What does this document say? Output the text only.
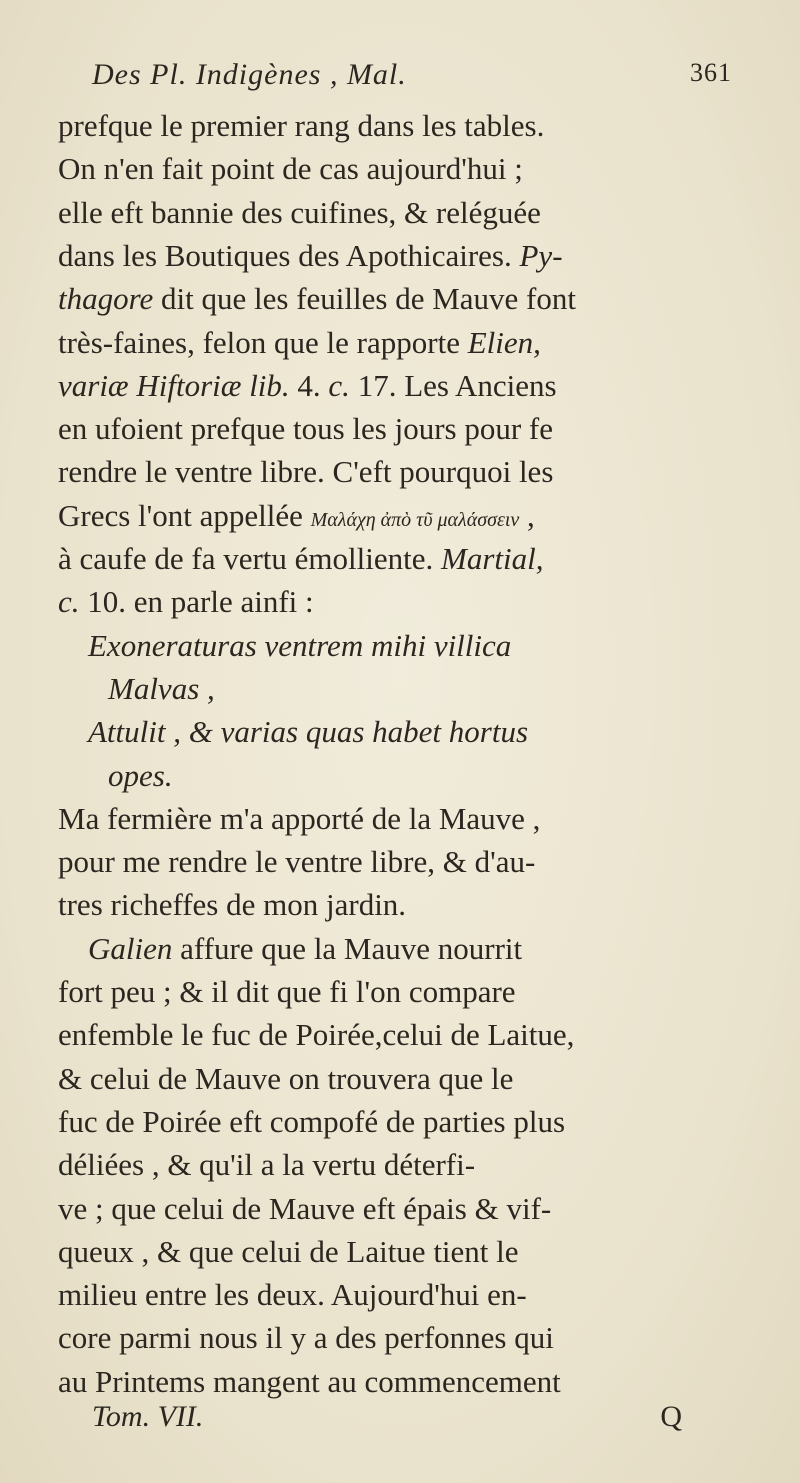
Des Pl. Indigènes , Mal.	361
prefque le premier rang dans les tables.
On n'en fait point de cas aujourd'hui ;
elle eft bannie des cuifines, & reléguée
dans les Boutiques des Apothicaires. Py-
thagore dit que les feuilles de Mauve font
très-faines, felon que le rapporte Elien,
variæ Hiftoriæ lib. 4. c. 17. Les Anciens
en ufoient prefque tous les jours pour fe
rendre le ventre libre. C'eft pourquoi les
Grecs l'ont appellée Μαλάχη ἀπὸ τῦ μαλάσσειν ,
à caufe de fa vertu émolliente. Martial,
c. 10. en parle ainfi :
Exoneraturas ventrem mihi villica
Malvas ,
Attulit , & varias quas habet hortus
opes.
Ma fermière m'a apporté de la Mauve ,
pour me rendre le ventre libre, & d'au-
tres richeffes de mon jardin.
Galien affure que la Mauve nourrit
fort peu ; & il dit que fi l'on compare
enfemble le fuc de Poirée,celui de Laitue,
& celui de Mauve on trouvera que le
fuc de Poirée eft compofé de parties plus
déliées , & qu'il a la vertu déterfi-
ve ; que celui de Mauve eft épais & vif-
queux , & que celui de Laitue tient le
milieu entre les deux. Aujourd'hui en-
core parmi nous il y a des perfonnes qui
au Printems mangent au commencement
Tom. VII.	Q
